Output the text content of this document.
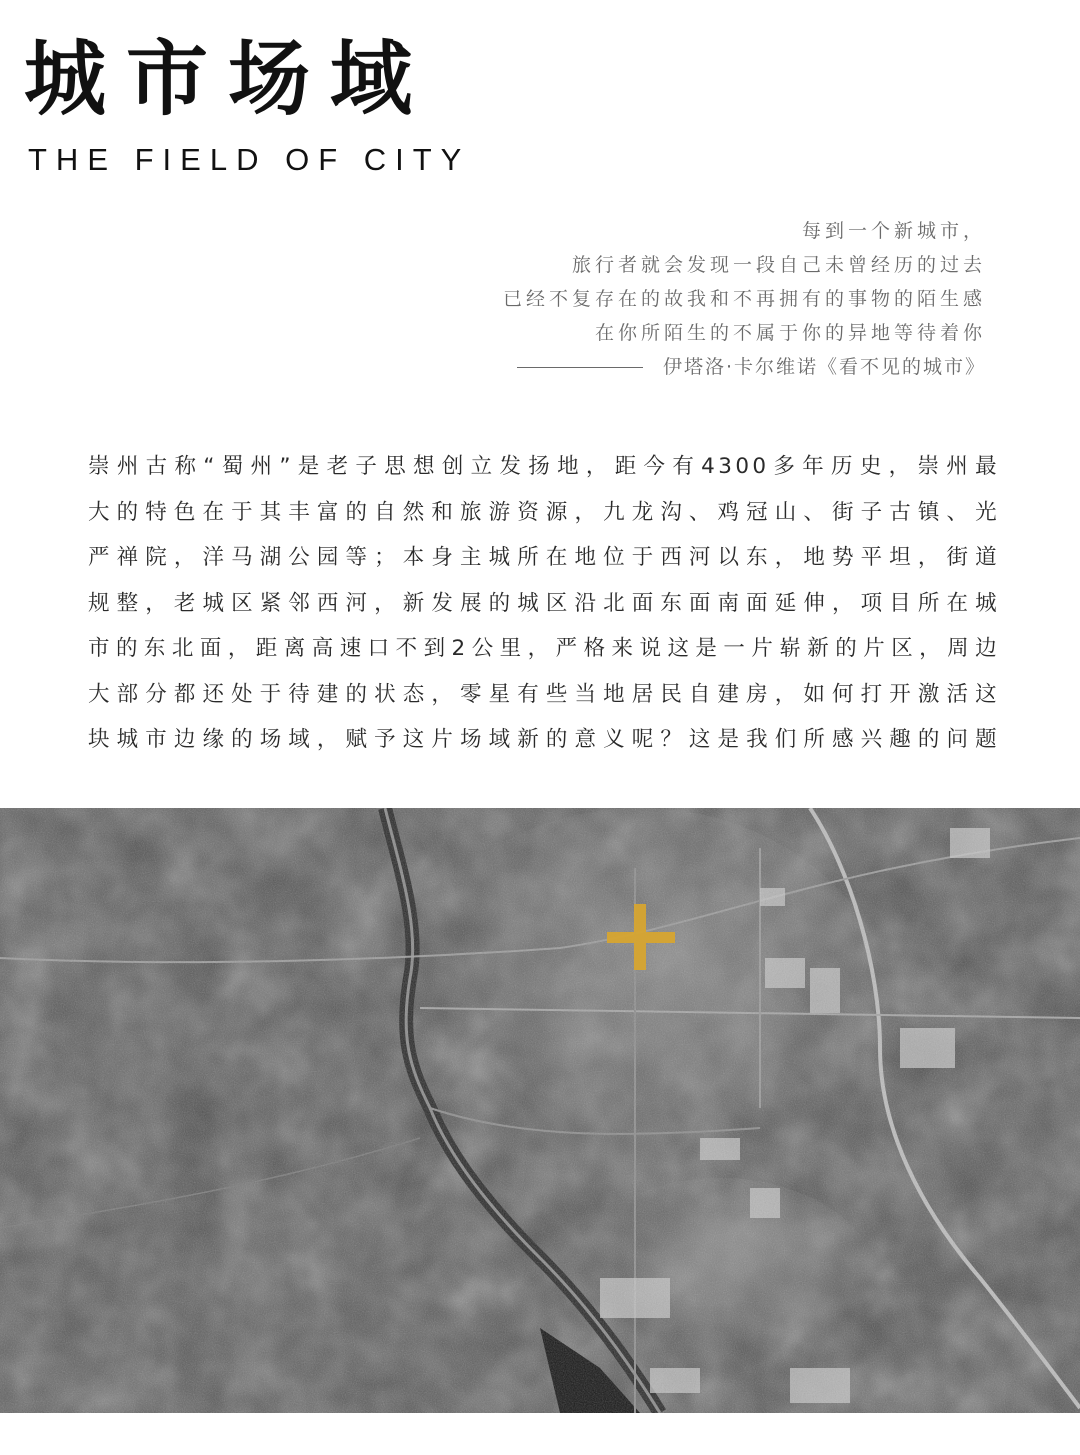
城市场域
THE FIELD OF CITY
每到一个新城市，
旅行者就会发现一段自己未曾经历的过去
已经不复存在的故我和不再拥有的事物的陌生感
在你所陌生的不属于你的异地等待着你
伊塔洛·卡尔维诺《看不见的城市》
崇州古称“蜀州”是老子思想创立发扬地，距今有4300多年历史，崇州最
大的特色在于其丰富的自然和旅游资源，九龙沟、鸡冠山、街子古镇、光
严禅院，洋马湖公园等；本身主城所在地位于西河以东，地势平坦，街道
规整，老城区紧邻西河，新发展的城区沿北面东面南面延伸，项目所在城
市的东北面，距离高速口不到2公里，严格来说这是一片崭新的片区，周边
大部分都还处于待建的状态，零星有些当地居民自建房，如何打开激活这
块城市边缘的场域，赋予这片场域新的意义呢？这是我们所感兴趣的问题
